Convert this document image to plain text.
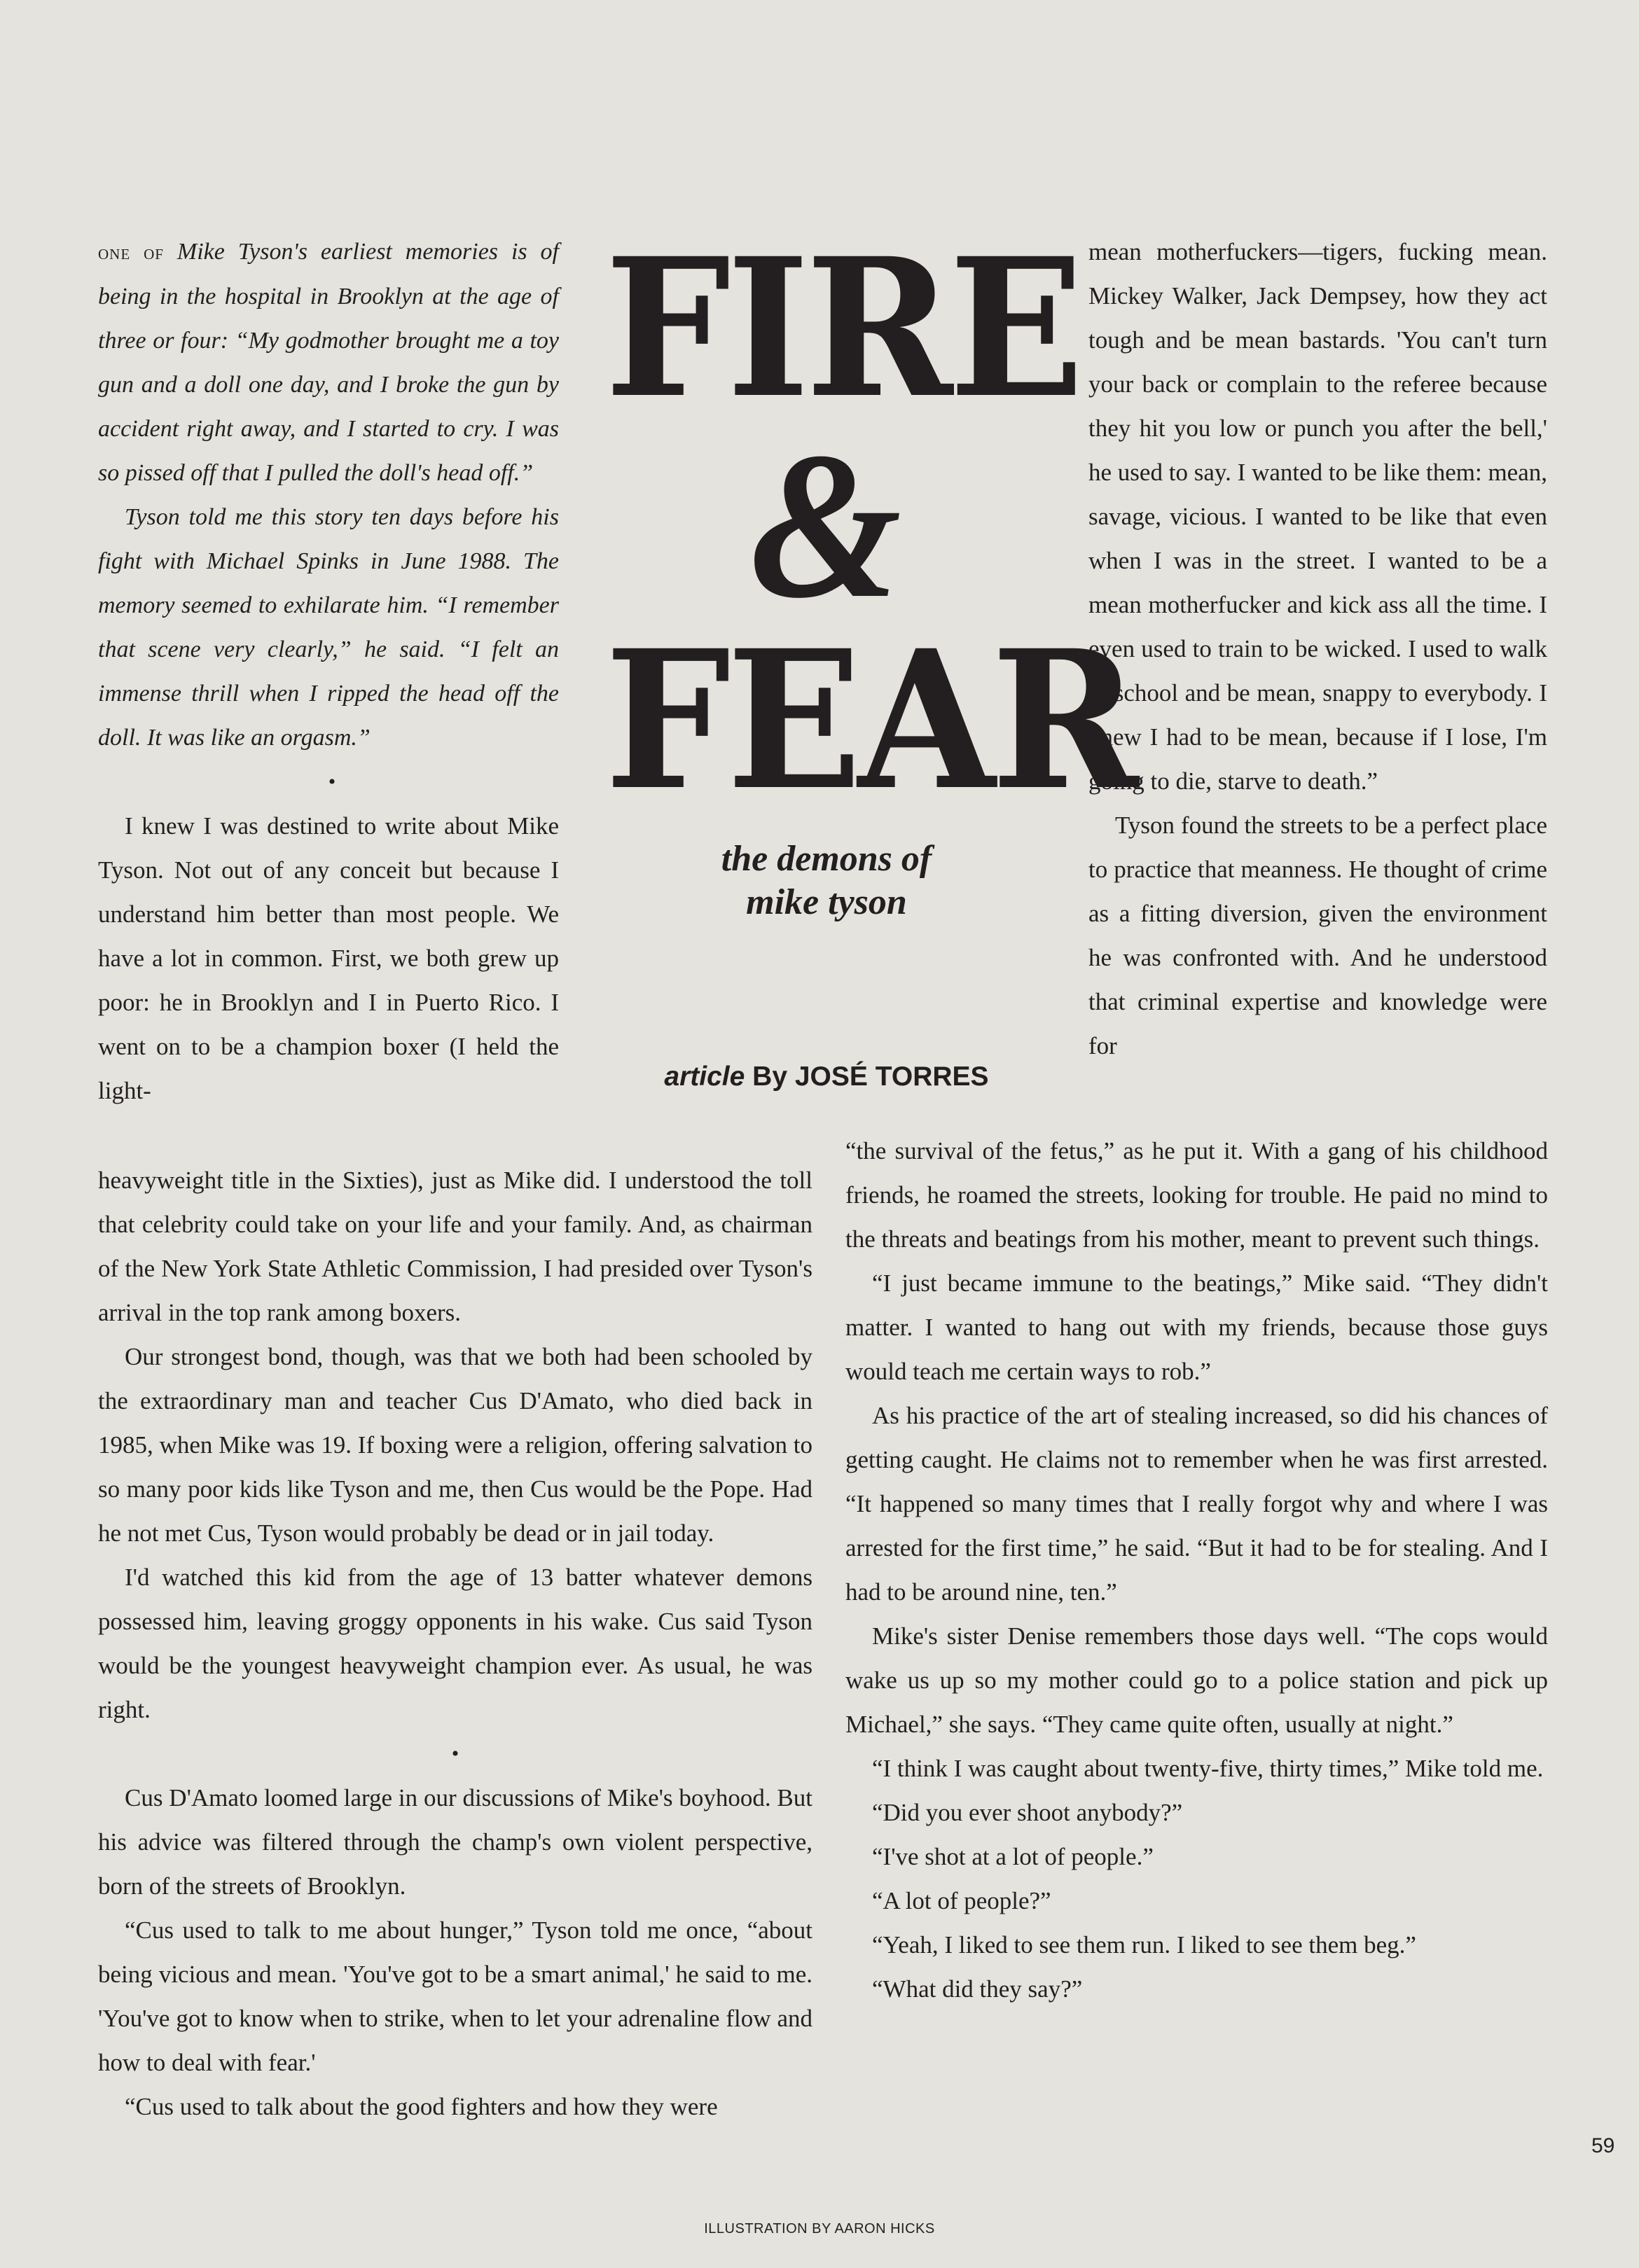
one of Mike Tyson's earliest memories is of being in the hospital in Brooklyn at the age of three or four: “My godmother brought me a toy gun and a doll one day, and I broke the gun by accident right away, and I started to cry. I was so pissed off that I pulled the doll's head off.”

Tyson told me this story ten days before his fight with Michael Spinks in June 1988. The memory seemed to exhilarate him. “I remember that scene very clearly,” he said. “I felt an immense thrill when I ripped the head off the doll. It was like an orgasm.”

•

I knew I was destined to write about Mike Tyson. Not out of any conceit but because I understand him better than most people. We have a lot in common. First, we both grew up poor: he in Brooklyn and I in Puerto Rico. I went on to be a champion boxer (I held the light-

FIRE
&
FEAR
the demons of
mike tyson
article By JOSÉ TORRES

mean motherfuckers—tigers, fucking mean. Mickey Walker, Jack Dempsey, how they act tough and be mean bastards. 'You can't turn your back or complain to the referee because they hit you low or punch you after the bell,' he used to say. I wanted to be like them: mean, savage, vicious. I wanted to be like that even when I was in the street. I wanted to be a mean motherfucker and kick ass all the time. I even used to train to be wicked. I used to walk to school and be mean, snappy to everybody. I knew I had to be mean, because if I lose, I'm going to die, starve to death.”

Tyson found the streets to be a perfect place to practice that meanness. He thought of crime as a fitting diversion, given the environment he was confronted with. And he understood that criminal expertise and knowledge were for

heavyweight title in the Sixties), just as Mike did. I understood the toll that celebrity could take on your life and your family. And, as chairman of the New York State Athletic Commission, I had presided over Tyson's arrival in the top rank among boxers.

Our strongest bond, though, was that we both had been schooled by the extraordinary man and teacher Cus D'Amato, who died back in 1985, when Mike was 19. If boxing were a religion, offering salvation to so many poor kids like Tyson and me, then Cus would be the Pope. Had he not met Cus, Tyson would probably be dead or in jail today.

I'd watched this kid from the age of 13 batter whatever demons possessed him, leaving groggy opponents in his wake. Cus said Tyson would be the youngest heavyweight champion ever. As usual, he was right.

•

Cus D'Amato loomed large in our discussions of Mike's boyhood. But his advice was filtered through the champ's own violent perspective, born of the streets of Brooklyn.

“Cus used to talk to me about hunger,” Tyson told me once, “about being vicious and mean. 'You've got to be a smart animal,' he said to me. 'You've got to know when to strike, when to let your adrenaline flow and how to deal with fear.'

“Cus used to talk about the good fighters and how they were

“the survival of the fetus,” as he put it. With a gang of his childhood friends, he roamed the streets, looking for trouble. He paid no mind to the threats and beatings from his mother, meant to prevent such things.

“I just became immune to the beatings,” Mike said. “They didn't matter. I wanted to hang out with my friends, because those guys would teach me certain ways to rob.”

As his practice of the art of stealing increased, so did his chances of getting caught. He claims not to remember when he was first arrested. “It happened so many times that I really forgot why and where I was arrested for the first time,” he said. “But it had to be for stealing. And I had to be around nine, ten.”

Mike's sister Denise remembers those days well. “The cops would wake us up so my mother could go to a police station and pick up Michael,” she says. “They came quite often, usually at night.”

“I think I was caught about twenty-five, thirty times,” Mike told me.

“Did you ever shoot anybody?”

“I've shot at a lot of people.”

“A lot of people?”

“Yeah, I liked to see them run. I liked to see them beg.”

“What did they say?”

59
ILLUSTRATION BY AARON HICKS
